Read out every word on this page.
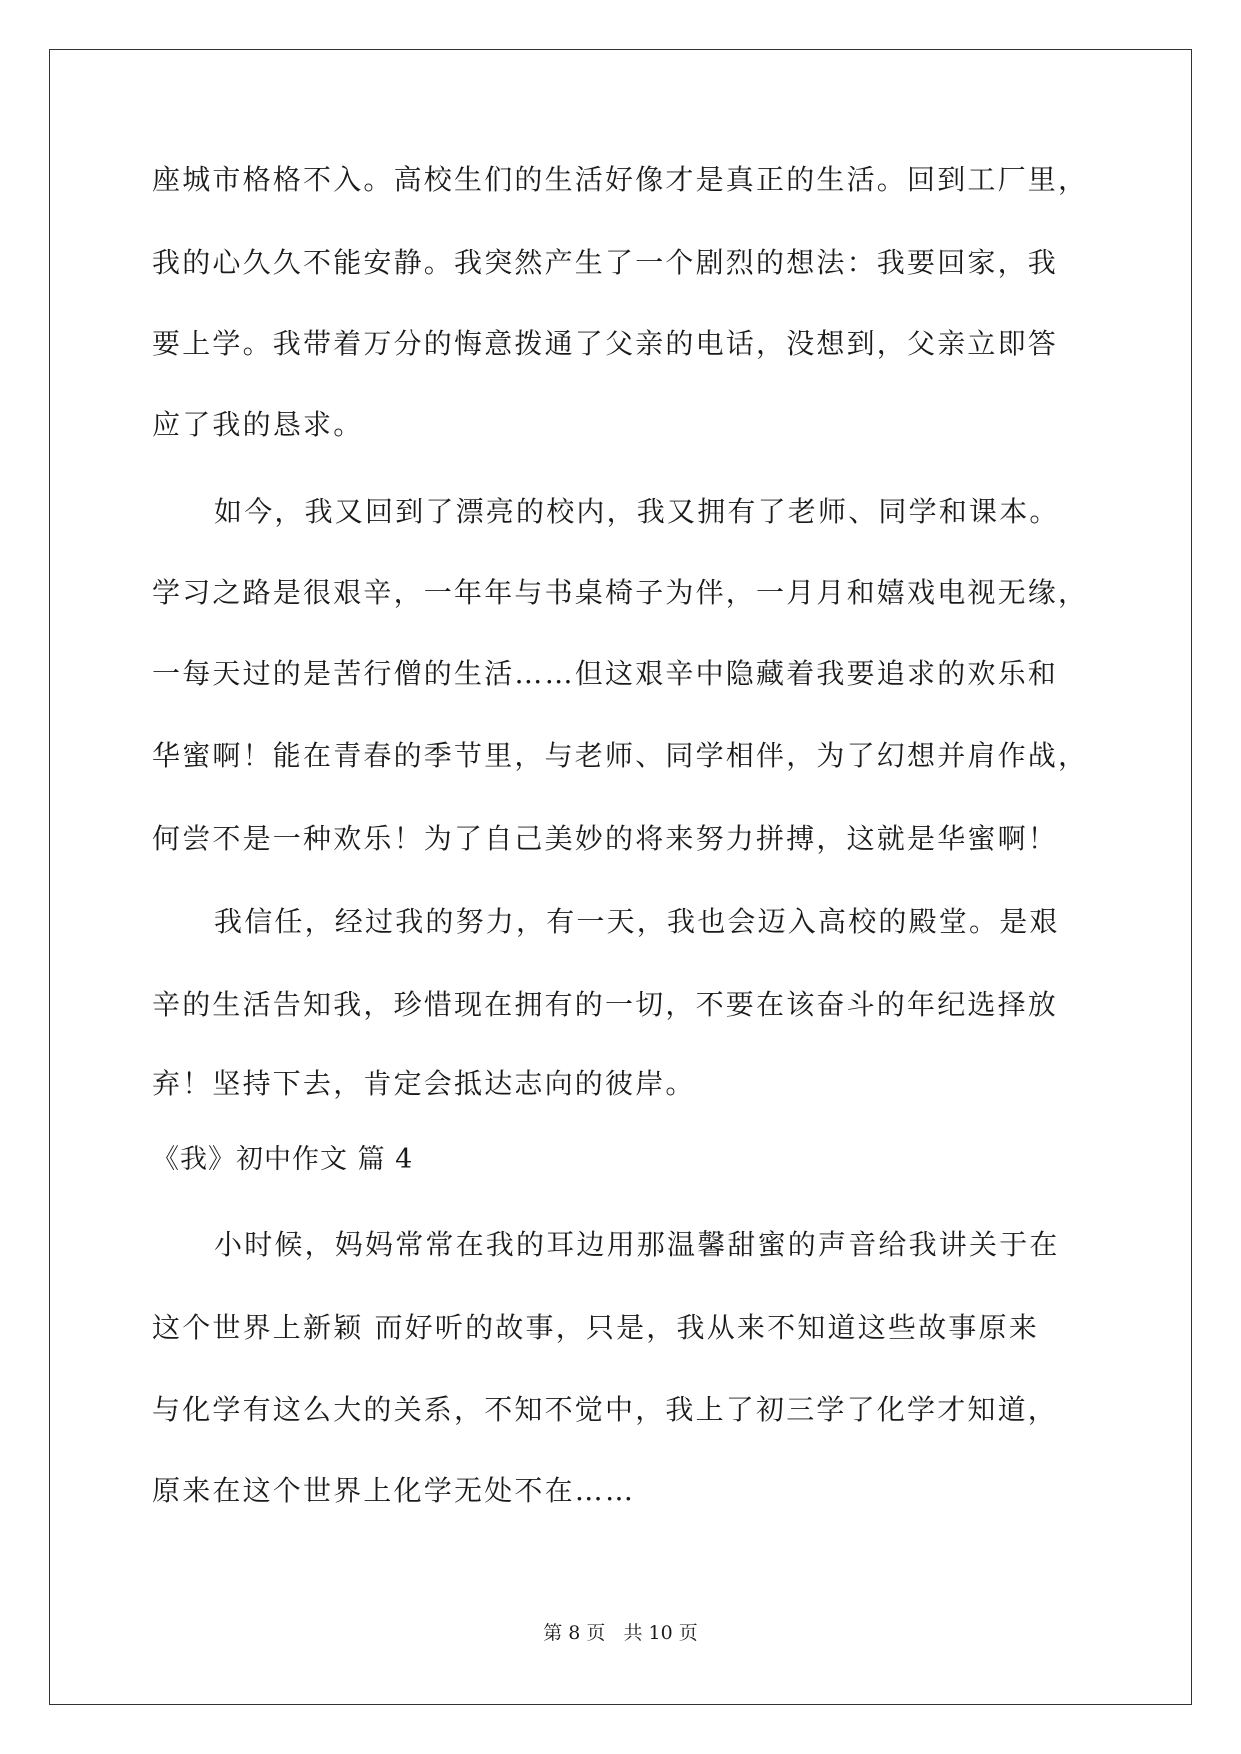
座城市格格不入。高校生们的生活好像才是真正的生活。回到工厂里，
我的心久久不能安静。我突然产生了一个剧烈的想法：我要回家，我
要上学。我带着万分的悔意拨通了父亲的电话，没想到，父亲立即答
应了我的恳求。
如今，我又回到了漂亮的校内，我又拥有了老师、同学和课本。
学习之路是很艰辛，一年年与书桌椅子为伴，一月月和嬉戏电视无缘，
一每天过的是苦行僧的生活……但这艰辛中隐藏着我要追求的欢乐和
华蜜啊！能在青春的季节里，与老师、同学相伴，为了幻想并肩作战，
何尝不是一种欢乐！为了自己美妙的将来努力拼搏，这就是华蜜啊！
我信任，经过我的努力，有一天，我也会迈入高校的殿堂。是艰
辛的生活告知我，珍惜现在拥有的一切，不要在该奋斗的年纪选择放
弃！坚持下去，肯定会抵达志向的彼岸。
《我》初中作文 篇 4
小时候，妈妈常常在我的耳边用那温馨甜蜜的声音给我讲关于在
这个世界上新颖 而好听的故事，只是，我从来不知道这些故事原来
与化学有这么大的关系，不知不觉中，我上了初三学了化学才知道，
原来在这个世界上化学无处不在……
第 8 页 共 10 页
